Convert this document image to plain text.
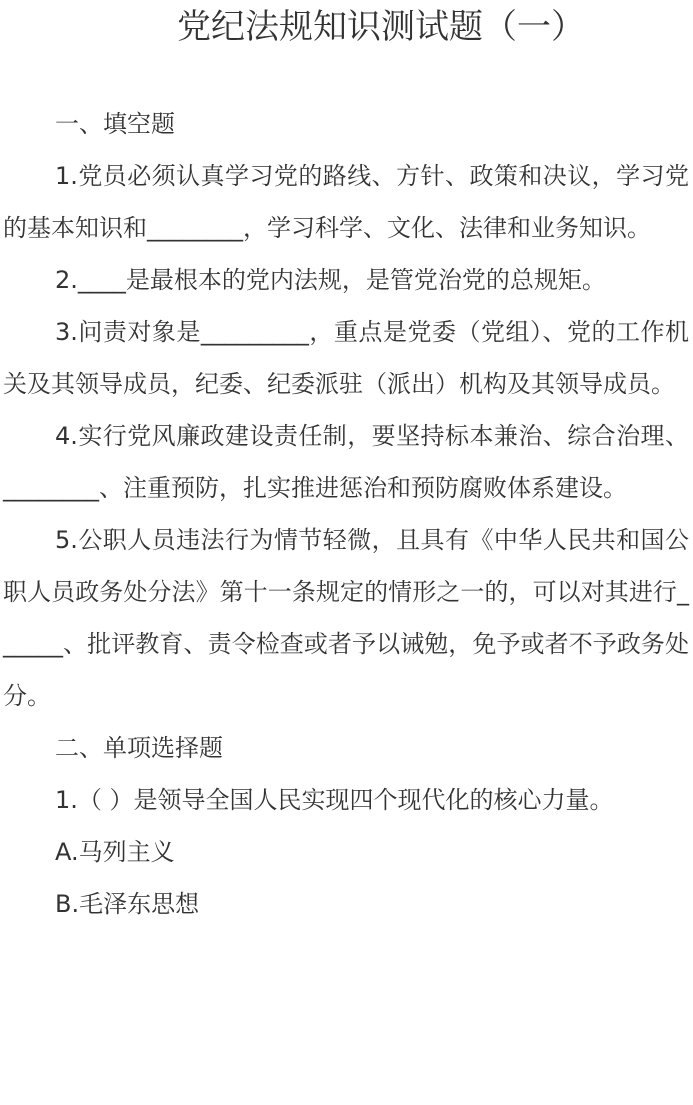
党纪法规知识测试题（一）

一、填空题

1.党员必须认真学习党的路线、方针、政策和决议，学习党的基本知识和________，学习科学、文化、法律和业务知识。

2.____是最根本的党内法规，是管党治党的总规矩。

3.问责对象是_________，重点是党委（党组）、党的工作机关及其领导成员，纪委、纪委派驻（派出）机构及其领导成员。

4.实行党风廉政建设责任制，要坚持标本兼治、综合治理、________、注重预防，扎实推进惩治和预防腐败体系建设。

5.公职人员违法行为情节轻微，且具有《中华人民共和国公职人员政务处分法》第十一条规定的情形之一的，可以对其进行______、批评教育、责令检查或者予以诫勉，免予或者不予政务处分。

二、单项选择题

1.（ ）是领导全国人民实现四个现代化的核心力量。

A.马列主义

B.毛泽东思想
